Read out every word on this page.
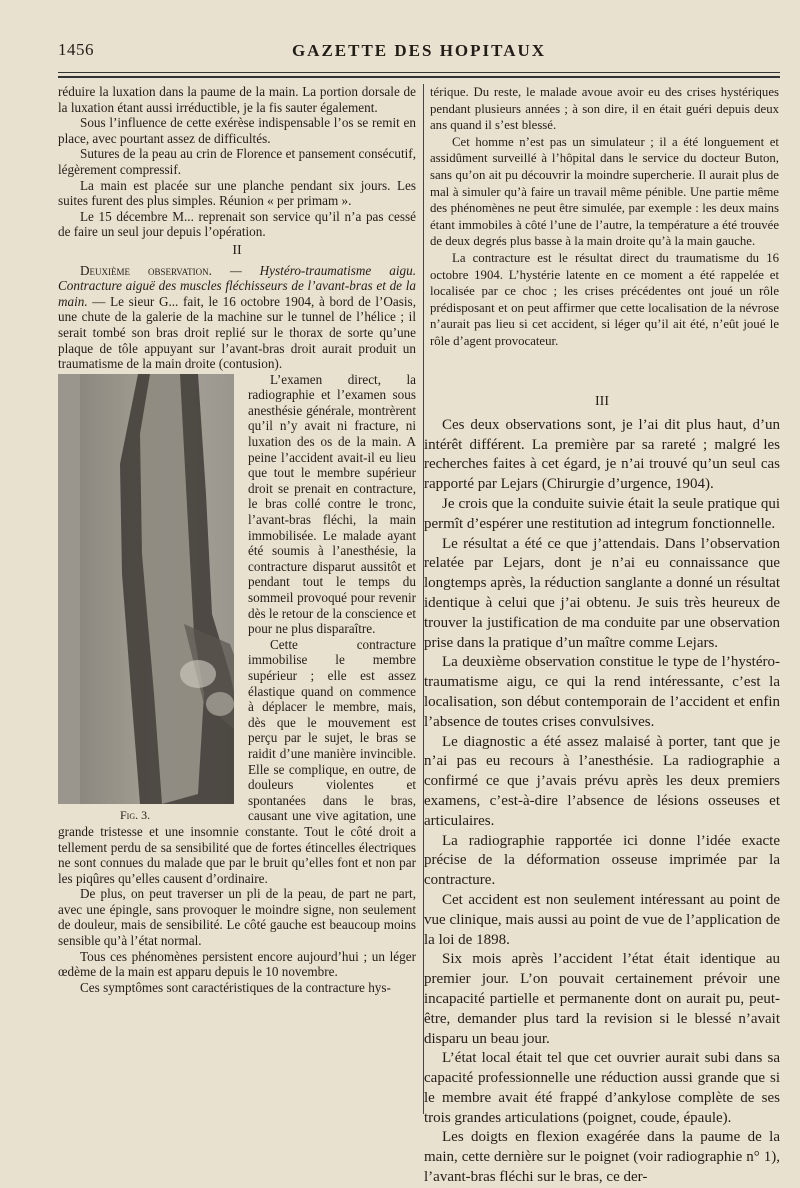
1456	GAZETTE DES HOPITAUX

réduire la luxation dans la paume de la main. La portion dorsale de la luxation étant aussi irréductible, je la fis sauter également.

Sous l’influence de cette exérèse indispensable l’os se remit en place, avec pourtant assez de difficultés.

Sutures de la peau au crin de Florence et pansement consécutif, légèrement compressif.

La main est placée sur une planche pendant six jours. Les suites furent des plus simples. Réunion « per primam ».

Le 15 décembre M... reprenait son service qu’il n’a pas cessé de faire un seul jour depuis l’opération.

II

Deuxième observation. — Hystéro-traumatisme aigu. Contracture aiguë des muscles fléchisseurs de l’avant-bras et de la main. — Le sieur G... fait, le 16 octobre 1904, à bord de l’Oasis, une chute de la galerie de la machine sur le tunnel de l’hélice ; il serait tombé son bras droit replié sur le thorax de sorte qu’une plaque de tôle appuyant sur l’avant-bras droit aurait produit un traumatisme de la main droite (contusion).

Fig. 3.
L’examen direct, la radiographie et l’examen sous anesthésie générale, montrèrent qu’il n’y avait ni fracture, ni luxation des os de la main. A peine l’accident avait-il eu lieu que tout le membre supérieur droit se prenait en contracture, le bras collé contre le tronc, l’avant-bras fléchi, la main immobilisée. Le malade ayant été soumis à l’anesthésie, la contracture disparut aussitôt et pendant tout le temps du sommeil provoqué pour revenir dès le retour de la conscience et pour ne plus disparaître.

Cette contracture immobilise le membre supérieur ; elle est assez élastique quand on commence à déplacer le membre, mais, dès que le mouvement est perçu par le sujet, le bras se raidit d’une manière invincible. Elle se complique, en outre, de douleurs violentes et spontanées dans le bras, causant une vive agitation, une grande tristesse et une insomnie constante. Tout le côté droit a tellement perdu de sa sensibilité que de fortes étincelles électriques ne sont connues du malade que par le bruit qu’elles font et non par les piqûres qu’elles causent d’ordinaire.

De plus, on peut traverser un pli de la peau, de part ne part, avec une épingle, sans provoquer le moindre signe, non seulement de douleur, mais de sensibilité. Le côté gauche est beaucoup moins sensible qu’à l’état normal.

Tous ces phénomènes persistent encore aujourd’hui ; un léger œdème de la main est apparu depuis le 10 novembre.

Ces symptômes sont caractéristiques de la contracture hys-

térique. Du reste, le malade avoue avoir eu des crises hystériques pendant plusieurs années ; à son dire, il en était guéri depuis deux ans quand il s’est blessé.

Cet homme n’est pas un simulateur ; il a été longuement et assidûment surveillé à l’hôpital dans le service du docteur Buton, sans qu’on ait pu découvrir la moindre supercherie. Il aurait plus de mal à simuler qu’à faire un travail même pénible. Une partie même des phénomènes ne peut être simulée, par exemple : les deux mains étant immobiles à côté l’une de l’autre, la température a été trouvée de deux degrés plus basse à la main droite qu’à la main gauche.

La contracture est le résultat direct du traumatisme du 16 octobre 1904. L’hystérie latente en ce moment a été rappelée et localisée par ce choc ; les crises précédentes ont joué un rôle prédisposant et on peut affirmer que cette localisation de la névrose n’aurait pas lieu si cet accident, si léger qu’il ait été, n’eût joué le rôle d’agent provocateur.

III

Ces deux observations sont, je l’ai dit plus haut, d’un intérêt différent. La première par sa rareté ; malgré les recherches faites à cet égard, je n’ai trouvé qu’un seul cas rapporté par Lejars (Chirurgie d’urgence, 1904).

Je crois que la conduite suivie était la seule pratique qui permît d’espérer une restitution ad integrum fonctionnelle.

Le résultat a été ce que j’attendais. Dans l’observation relatée par Lejars, dont je n’ai eu connaissance que longtemps après, la réduction sanglante a donné un résultat identique à celui que j’ai obtenu. Je suis très heureux de trouver la justification de ma conduite par une observation prise dans la pratique d’un maître comme Lejars.

La deuxième observation constitue le type de l’hystéro-traumatisme aigu, ce qui la rend intéressante, c’est la localisation, son début contemporain de l’accident et enfin l’absence de toutes crises convulsives.

Le diagnostic a été assez malaisé à porter, tant que je n’ai pas eu recours à l’anesthésie. La radiographie a confirmé ce que j’avais prévu après les deux premiers examens, c’est-à-dire l’absence de lésions osseuses et articulaires.

La radiographie rapportée ici donne l’idée exacte précise de la déformation osseuse imprimée par la contracture.

Cet accident est non seulement intéressant au point de vue clinique, mais aussi au point de vue de l’application de la loi de 1898.

Six mois après l’accident l’état était identique au premier jour. L’on pouvait certainement prévoir une incapacité partielle et permanente dont on aurait pu, peut-être, demander plus tard la revision si le blessé n’avait disparu un beau jour.

L’état local était tel que cet ouvrier aurait subi dans sa capacité professionnelle une réduction aussi grande que si le membre avait été frappé d’ankylose complète de ses trois grandes articulations (poignet, coude, épaule).

Les doigts en flexion exagérée dans la paume de la main, cette dernière sur le poignet (voir radiographie n° 1), l’avant-bras fléchi sur le bras, ce der-
